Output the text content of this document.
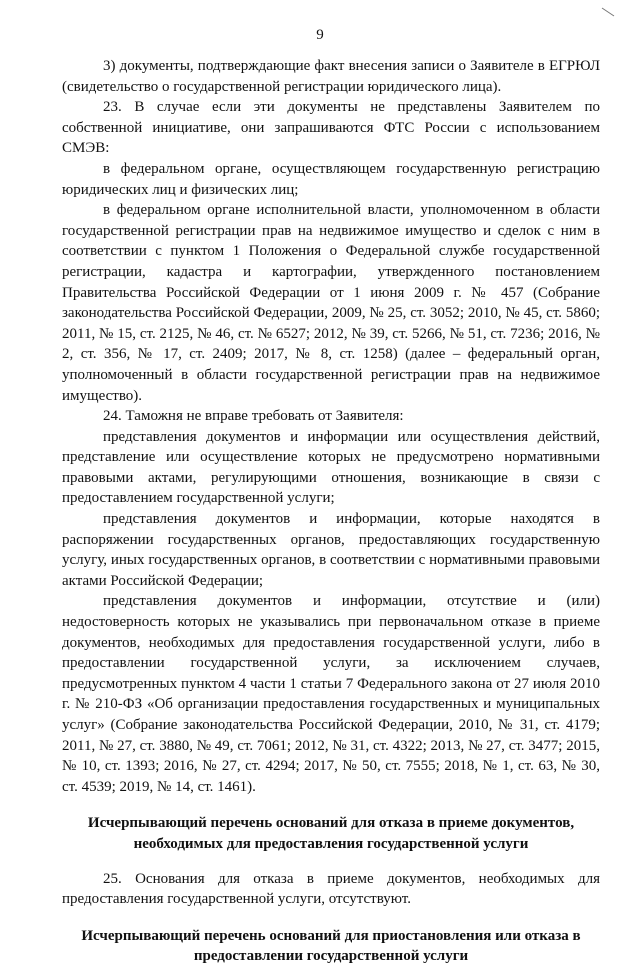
9

3) документы, подтверждающие факт внесения записи о Заявителе в ЕГРЮЛ (свидетельство о государственной регистрации юридического лица).

23. В случае если эти документы не представлены Заявителем по собственной инициативе, они запрашиваются ФТС России с использованием СМЭВ:

в федеральном органе, осуществляющем государственную регистрацию юридических лиц и физических лиц;

в федеральном органе исполнительной власти, уполномоченном в области государственной регистрации прав на недвижимое имущество и сделок с ним в соответствии с пунктом 1 Положения о Федеральной службе государственной регистрации, кадастра и картографии, утвержденного постановлением Правительства Российской Федерации от 1 июня 2009 г. № 457 (Собрание законодательства Российской Федерации, 2009, № 25, ст. 3052; 2010, № 45, ст. 5860; 2011, № 15, ст. 2125, № 46, ст. № 6527; 2012, № 39, ст. 5266, № 51, ст. 7236; 2016, № 2, ст. 356, № 17, ст. 2409; 2017, № 8, ст. 1258) (далее – федеральный орган, уполномоченный в области государственной регистрации прав на недвижимое имущество).

24. Таможня не вправе требовать от Заявителя:

представления документов и информации или осуществления действий, представление или осуществление которых не предусмотрено нормативными правовыми актами, регулирующими отношения, возникающие в связи с предоставлением государственной услуги;

представления документов и информации, которые находятся в распоряжении государственных органов, предоставляющих государственную услугу, иных государственных органов, в соответствии с нормативными правовыми актами Российской Федерации;

представления документов и информации, отсутствие и (или) недостоверность которых не указывались при первоначальном отказе в приеме документов, необходимых для предоставления государственной услуги, либо в предоставлении государственной услуги, за исключением случаев, предусмотренных пунктом 4 части 1 статьи 7 Федерального закона от 27 июля 2010 г. № 210-ФЗ «Об организации предоставления государственных и муниципальных услуг» (Собрание законодательства Российской Федерации, 2010, № 31, ст. 4179; 2011, № 27, ст. 3880, № 49, ст. 7061; 2012, № 31, ст. 4322; 2013, № 27, ст. 3477; 2015, № 10, ст. 1393; 2016, № 27, ст. 4294; 2017, № 50, ст. 7555; 2018, № 1, ст. 63, № 30, ст. 4539; 2019, № 14, ст. 1461).

Исчерпывающий перечень оснований для отказа в приеме документов, необходимых для предоставления государственной услуги

25. Основания для отказа в приеме документов, необходимых для предоставления государственной услуги, отсутствуют.

Исчерпывающий перечень оснований для приостановления или отказа в предоставлении государственной услуги
